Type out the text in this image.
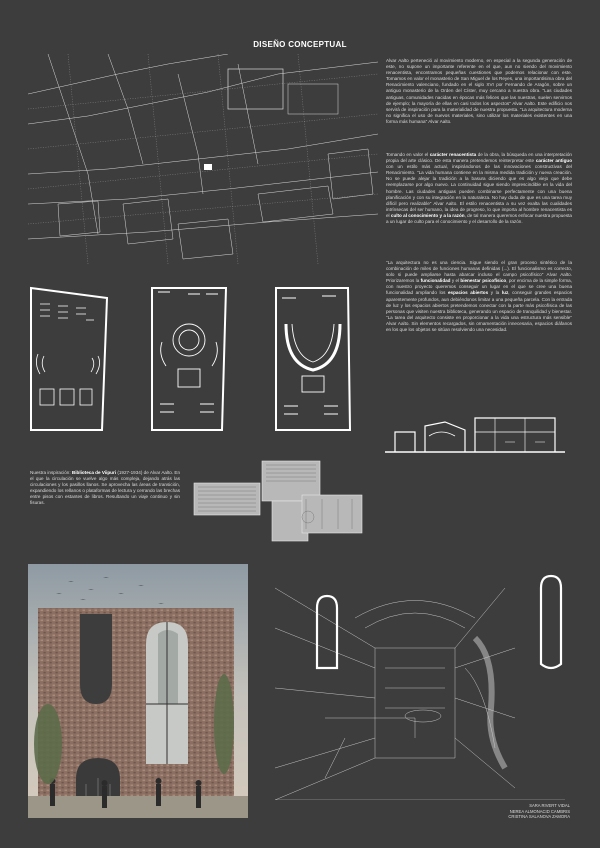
DISEÑO CONCEPTUAL
Alvar Aalto perteneció al movimiento moderno, en especial a la segunda generación de este, no supone un importante referente en el que, aun no siendo del movimiento renacentista, encontramos pequeñas cuestiones que podemos relacionar con este. Tomamos en valor el monasterio de San Miguel de los Reyes, una importantísima obra del Renacimiento valenciano, fundado en el siglo XVI por Fernando de Aragón, sobre un antiguo monasterio de la Orden del Císter, muy cercano a nuestra obra. "Las ciudades antiguas, comunidades nacidas en épocas más felices que las nuestras, suelen servirnos de ejemplo; la mayoría de ellas en casi todos los aspectos" Alvar Aalto. Este edificio nos servirá de inspiración para la materialidad de nuestra propuesta. "La arquitectura moderna no significa el uso de nuevos materiales, sino utilizar los materiales existentes en una forma más humana" Alvar Aalto.
Tomando en valor el carácter renacentista de la obra, la búsqueda en una interpretación propia del arte clásico. De esta manera pretendemos reinterpretar este carácter antiguo con un estilo más actual, inspirándonos de las innovaciones constructivas del Renacimiento. "La vida humana contiene en la misma medida tradición y nueva creación. No se puede alejar la tradición a la basura diciendo que es algo viejo que debe reemplazarse por algo nuevo. La continuidad sigue siendo imprescindible en la vida del hombre. Las ciudades antiguas pueden combinarse perfectamente con una buena planificación y con su integración en la naturaleza. No hay duda de que es una tarea muy difícil pero realizable" Alvar Aalto. El estilo renacentista a su vez exalta las cualidades intrínsecas del ser humano, la idea de progreso, lo que importa al hombre renacentista es el culto al conocimiento y a la razón, de tal manera queremos enfocar nuestra propuesta a un lugar de culto para el conocimiento y el desarrollo de la razón.
"La arquitectura no es una ciencia. Sigue siendo el gran proceso sintético de la combinación de miles de funciones humanas definidas (...). El funcionalismo es correcto, solo si puede ampliarse hasta abarcar incluso el campo psicofísico" Alvar Aalto. Priorizaremos la funcionalidad y el bienestar psicofísico, por encima de la simple forma, con nuestro proyecto queremos conseguir un lugar en el que se cree una buena funcionalidad ampliando los espacios abiertos y la luz, conseguir grandes espacios aparentemente profundos, aun debiéndonos limitar a una pequeña parcela. Con la entrada de luz y los espacios abiertos pretendemos conectar con la parte más psicofísica de las personas que visiten nuestra biblioteca, generando un espacio de tranquilidad y bienestar. "La tarea del arquitecto consiste en proporcionar a la vida una estructura más sensible" Alvar Aalto. Sin elementos recargados, sin ornamentación innecesaria, espacios diáfanos en los que los objetos se sitúan resolviendo una necesidad.
Nuestra inspiración: Biblioteca de Viipuri (1927-1934) de Alvar Aalto. En el que la circulación se vuelve algo más compleja, dejando atrás las circulaciones y los pasillos llanos. Se aprovecha las áreas de transición, expandiendo los rellanos o plataformas de lectura y cerrando las brechas entre pisos con estantes de libros. Resultando un viaje continuo y sin fisuras.
SARA RIVERT VIDAL
NEREA ALMONACID CAMBRIS
CRISTINA SALANOVA ZAMORA
